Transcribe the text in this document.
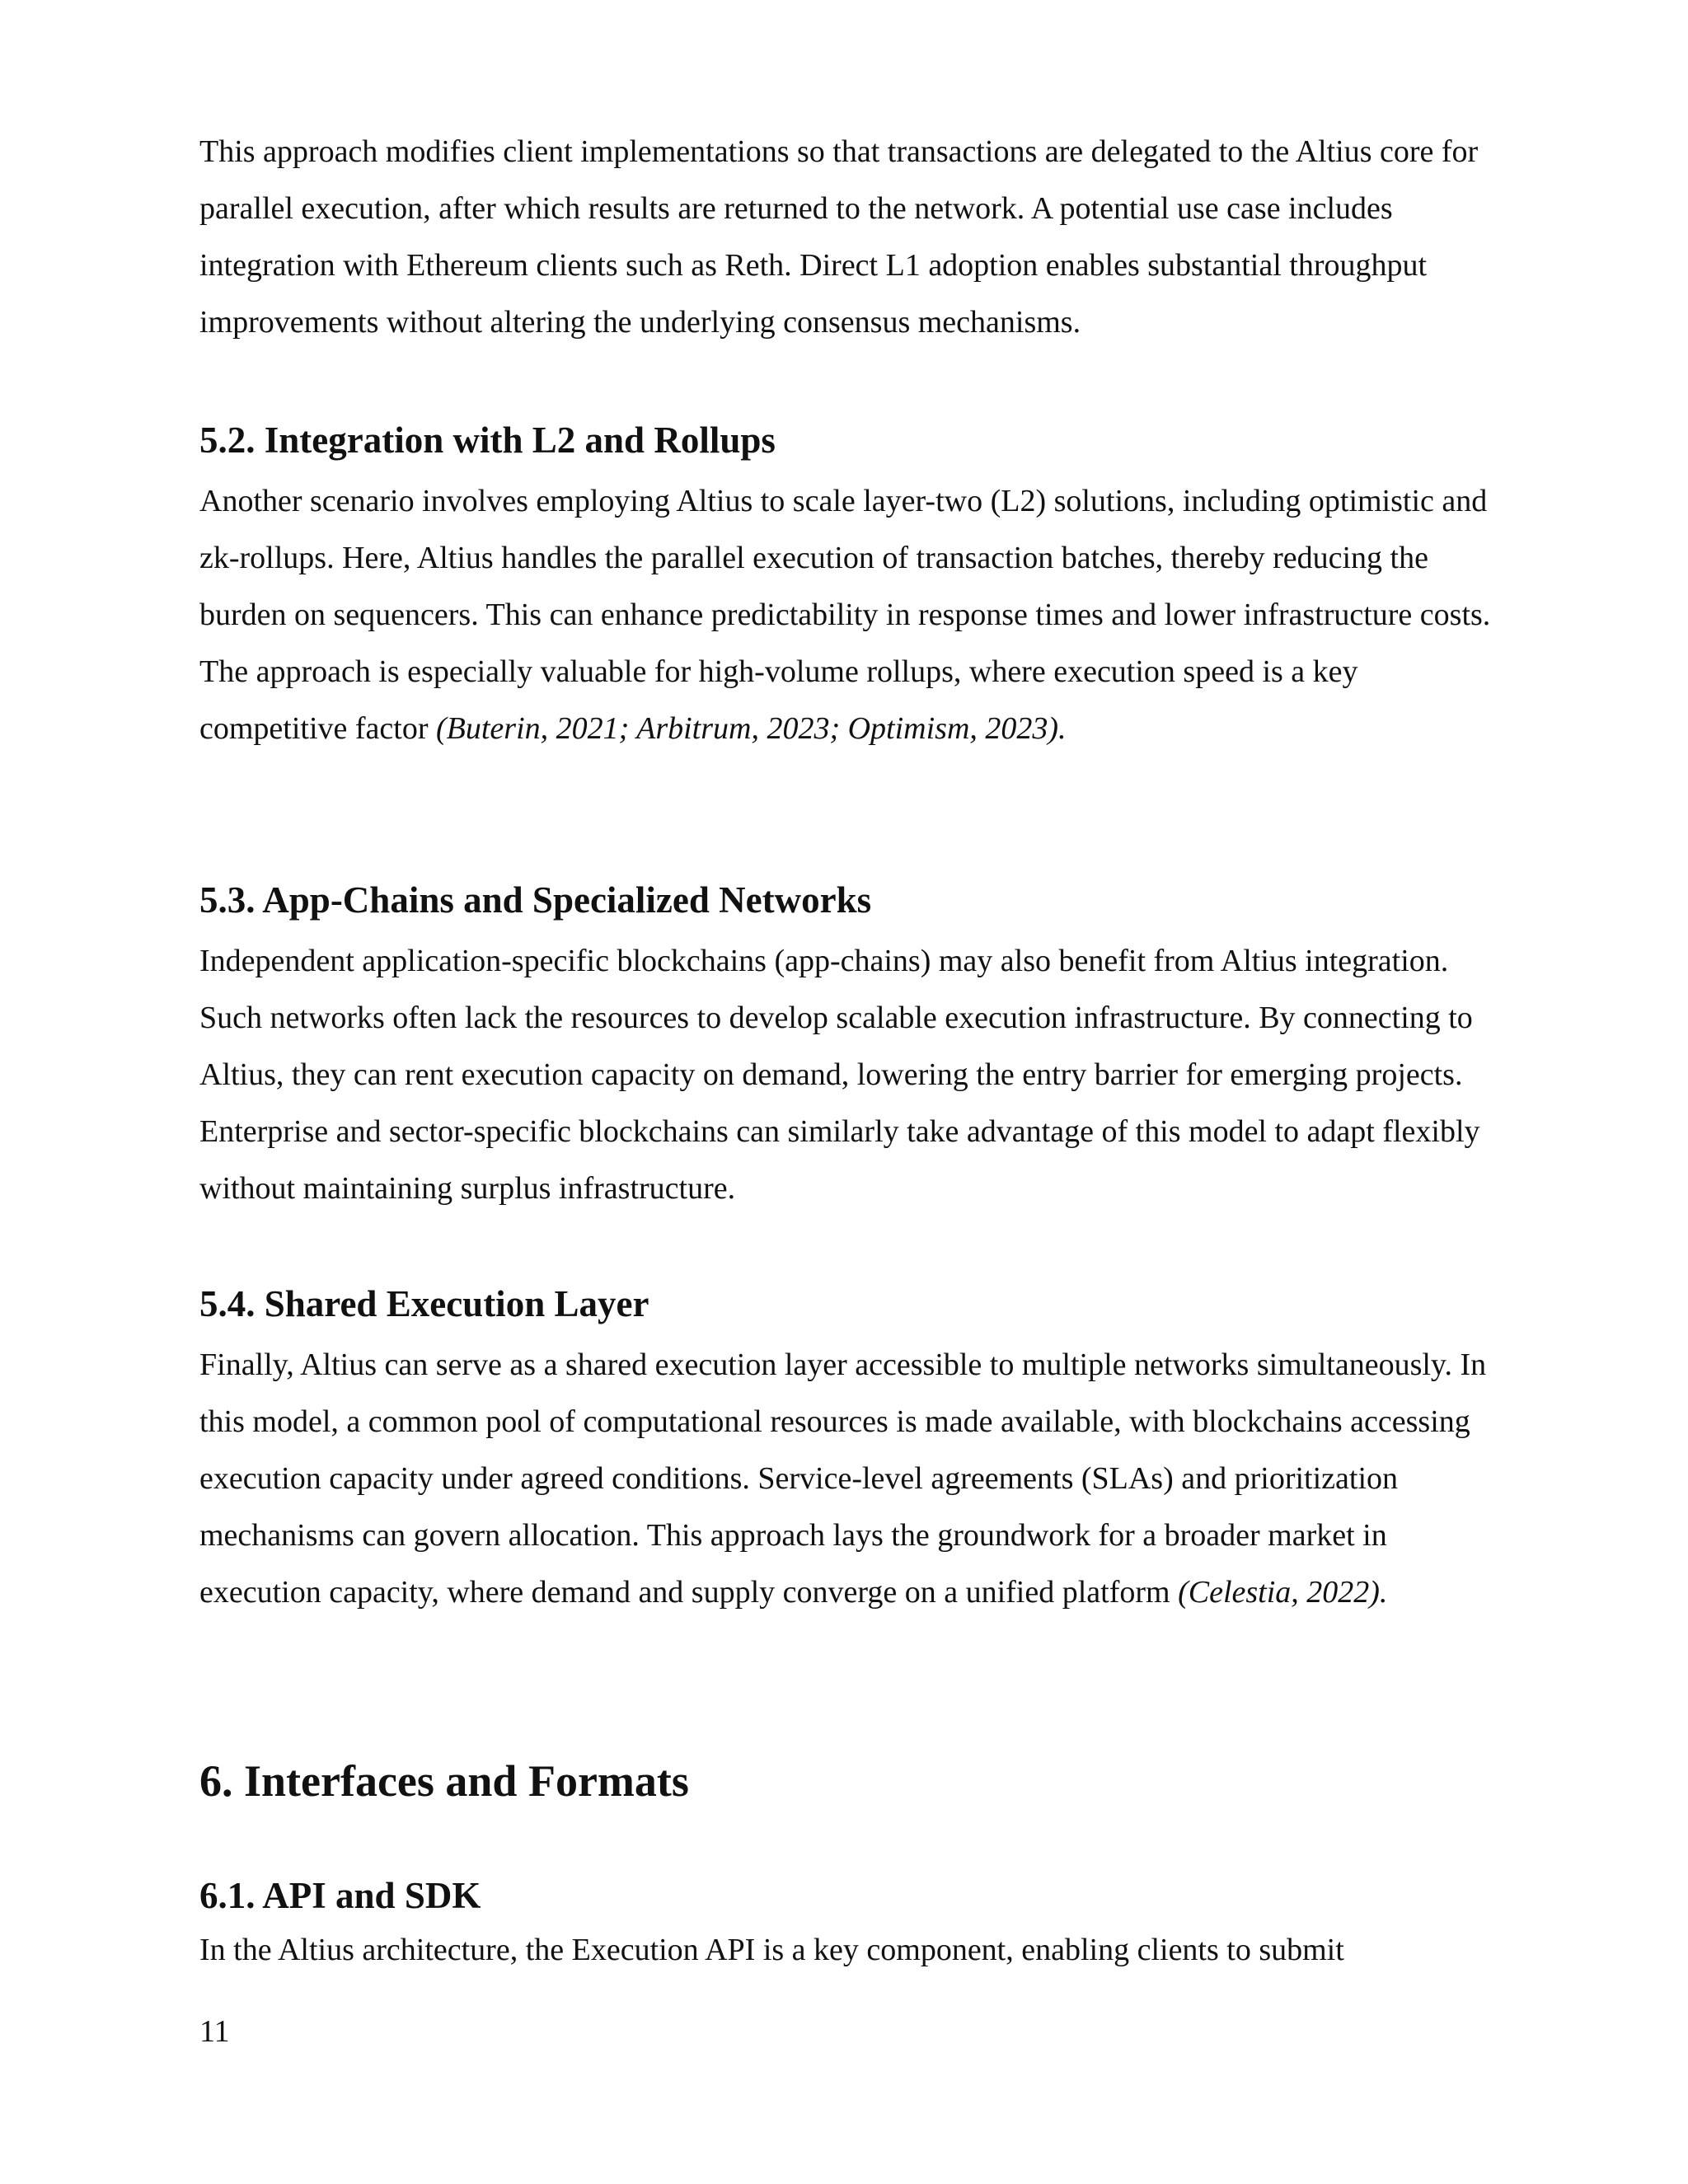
This approach modifies client implementations so that transactions are delegated to the Altius core for parallel execution, after which results are returned to the network. A potential use case includes integration with Ethereum clients such as Reth. Direct L1 adoption enables substantial throughput improvements without altering the underlying consensus mechanisms.

5.2. Integration with L2 and Rollups

Another scenario involves employing Altius to scale layer-two (L2) solutions, including optimistic and zk-rollups. Here, Altius handles the parallel execution of transaction batches, thereby reducing the burden on sequencers. This can enhance predictability in response times and lower infrastructure costs. The approach is especially valuable for high-volume rollups, where execution speed is a key competitive factor (Buterin, 2021; Arbitrum, 2023; Optimism, 2023).

5.3. App-Chains and Specialized Networks

Independent application-specific blockchains (app-chains) may also benefit from Altius integration. Such networks often lack the resources to develop scalable execution infrastructure. By connecting to Altius, they can rent execution capacity on demand, lowering the entry barrier for emerging projects. Enterprise and sector-specific blockchains can similarly take advantage of this model to adapt flexibly without maintaining surplus infrastructure.

5.4. Shared Execution Layer

Finally, Altius can serve as a shared execution layer accessible to multiple networks simultaneously. In this model, a common pool of computational resources is made available, with blockchains accessing execution capacity under agreed conditions. Service-level agreements (SLAs) and prioritization mechanisms can govern allocation. This approach lays the groundwork for a broader market in execution capacity, where demand and supply converge on a unified platform (Celestia, 2022).

6. Interfaces and Formats
6.1. API and SDK

In the Altius architecture, the Execution API is a key component, enabling clients to submit

11
